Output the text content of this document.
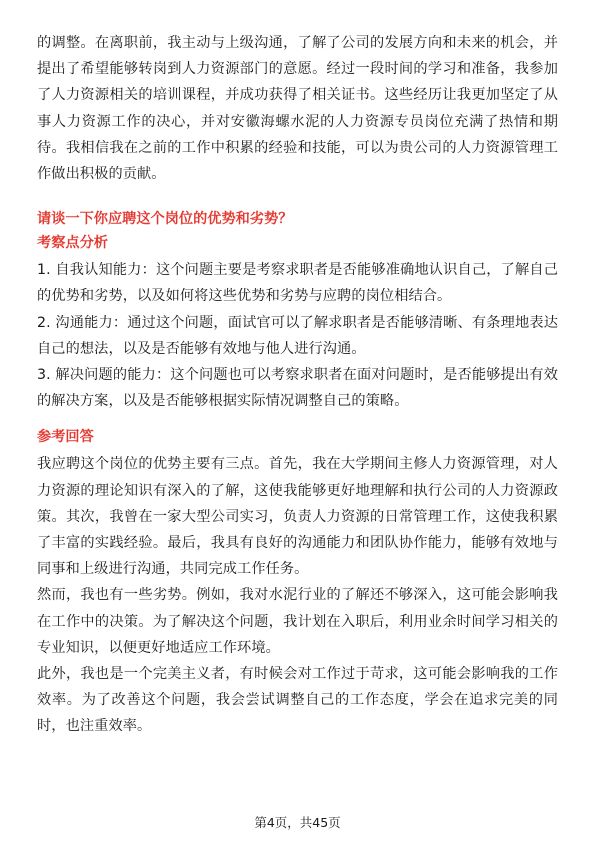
的调整。在离职前，我主动与上级沟通，了解了公司的发展方向和未来的机会，并提出了希望能够转岗到人力资源部门的意愿。经过一段时间的学习和准备，我参加了人力资源相关的培训课程，并成功获得了相关证书。这些经历让我更加坚定了从事人力资源工作的决心，并对安徽海螺水泥的人力资源专员岗位充满了热情和期待。我相信我在之前的工作中积累的经验和技能，可以为贵公司的人力资源管理工作做出积极的贡献。

请谈一下你应聘这个岗位的优势和劣势？
考察点分析

1. 自我认知能力：这个问题主要是考察求职者是否能够准确地认识自己，了解自己的优势和劣势，以及如何将这些优势和劣势与应聘的岗位相结合。

2. 沟通能力：通过这个问题，面试官可以了解求职者是否能够清晰、有条理地表达自己的想法，以及是否能够有效地与他人进行沟通。

3. 解决问题的能力：这个问题也可以考察求职者在面对问题时，是否能够提出有效的解决方案，以及是否能够根据实际情况调整自己的策略。

参考回答

我应聘这个岗位的优势主要有三点。首先，我在大学期间主修人力资源管理，对人力资源的理论知识有深入的了解，这使我能够更好地理解和执行公司的人力资源政策。其次，我曾在一家大型公司实习，负责人力资源的日常管理工作，这使我积累了丰富的实践经验。最后，我具有良好的沟通能力和团队协作能力，能够有效地与同事和上级进行沟通，共同完成工作任务。

然而，我也有一些劣势。例如，我对水泥行业的了解还不够深入，这可能会影响我在工作中的决策。为了解决这个问题，我计划在入职后，利用业余时间学习相关的专业知识，以便更好地适应工作环境。

此外，我也是一个完美主义者，有时候会对工作过于苛求，这可能会影响我的工作效率。为了改善这个问题，我会尝试调整自己的工作态度，学会在追求完美的同时，也注重效率。

第4页，共45页
